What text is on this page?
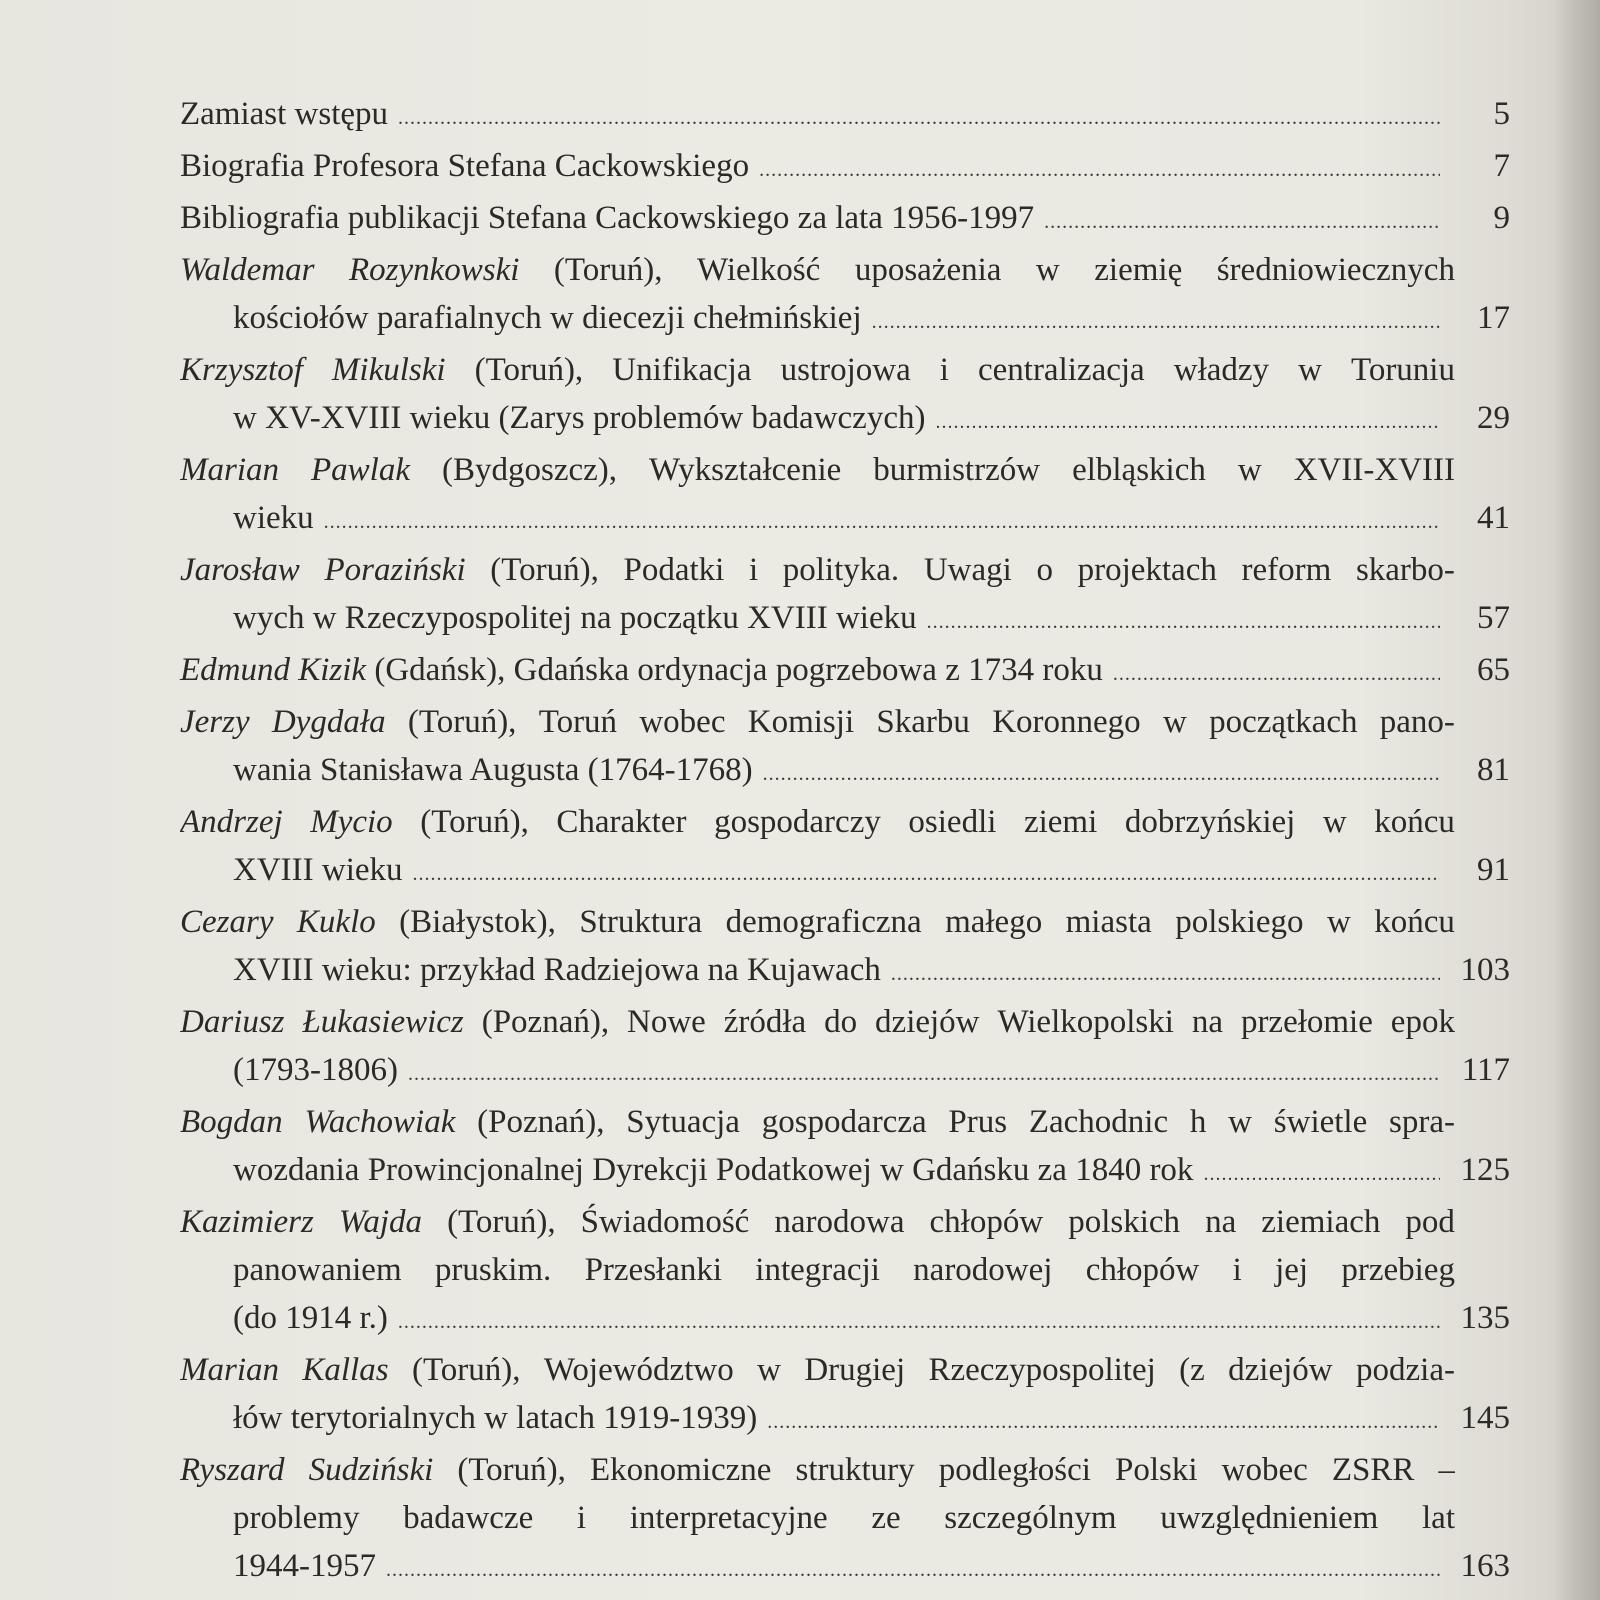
Zamiast wstępu . . .	5
Biografia Profesora Stefana Cackowskiego . . .	7
Bibliografia publikacji Stefana Cackowskiego za lata 1956-1997 . . .	9
Waldemar Rozynkowski (Toruń), Wielkość uposażenia w ziemię średniowiecznych
kościołów parafialnych w diecezji chełmińskiej . . .	17
Krzysztof Mikulski (Toruń), Unifikacja ustrojowa i centralizacja władzy w Toruniu
w XV-XVIII wieku (Zarys problemów badawczych) . . .	29
Marian Pawlak (Bydgoszcz), Wykształcenie burmistrzów elbląskich w XVII-XVIII
wieku . . .	41
Jarosław Poraziński (Toruń), Podatki i polityka. Uwagi o projektach reform skarbo-
wych w Rzeczypospolitej na początku XVIII wieku . . .	57
Edmund Kizik (Gdańsk), Gdańska ordynacja pogrzebowa z 1734 roku . . .	65
Jerzy Dygdała (Toruń), Toruń wobec Komisji Skarbu Koronnego w początkach pano-
wania Stanisława Augusta (1764-1768) . . .	81
Andrzej Mycio (Toruń), Charakter gospodarczy osiedli ziemi dobrzyńskiej w końcu
XVIII wieku . . .	91
Cezary Kuklo (Białystok), Struktura demograficzna małego miasta polskiego w końcu
XVIII wieku: przykład Radziejowa na Kujawach . . .	103
Dariusz Łukasiewicz (Poznań), Nowe źródła do dziejów Wielkopolski na przełomie epok
(1793-1806) . . .	117
Bogdan Wachowiak (Poznań), Sytuacja gospodarcza Prus Zachodnic h w świetle spra-
wozdania Prowincjonalnej Dyrekcji Podatkowej w Gdańsku za 1840 rok . . .	125
Kazimierz Wajda (Toruń), Świadomość narodowa chłopów polskich na ziemiach pod
panowaniem pruskim. Przesłanki integracji narodowej chłopów i jej przebieg
(do 1914 r.) . . .	135
Marian Kallas (Toruń), Województwo w Drugiej Rzeczypospolitej (z dziejów podzia-
łów terytorialnych w latach 1919-1939) . . .	145
Ryszard Sudziński (Toruń), Ekonomiczne struktury podległości Polski wobec ZSRR –
problemy badawcze i interpretacyjne ze szczególnym uwzględnieniem lat
1944-1957 . . .	163
